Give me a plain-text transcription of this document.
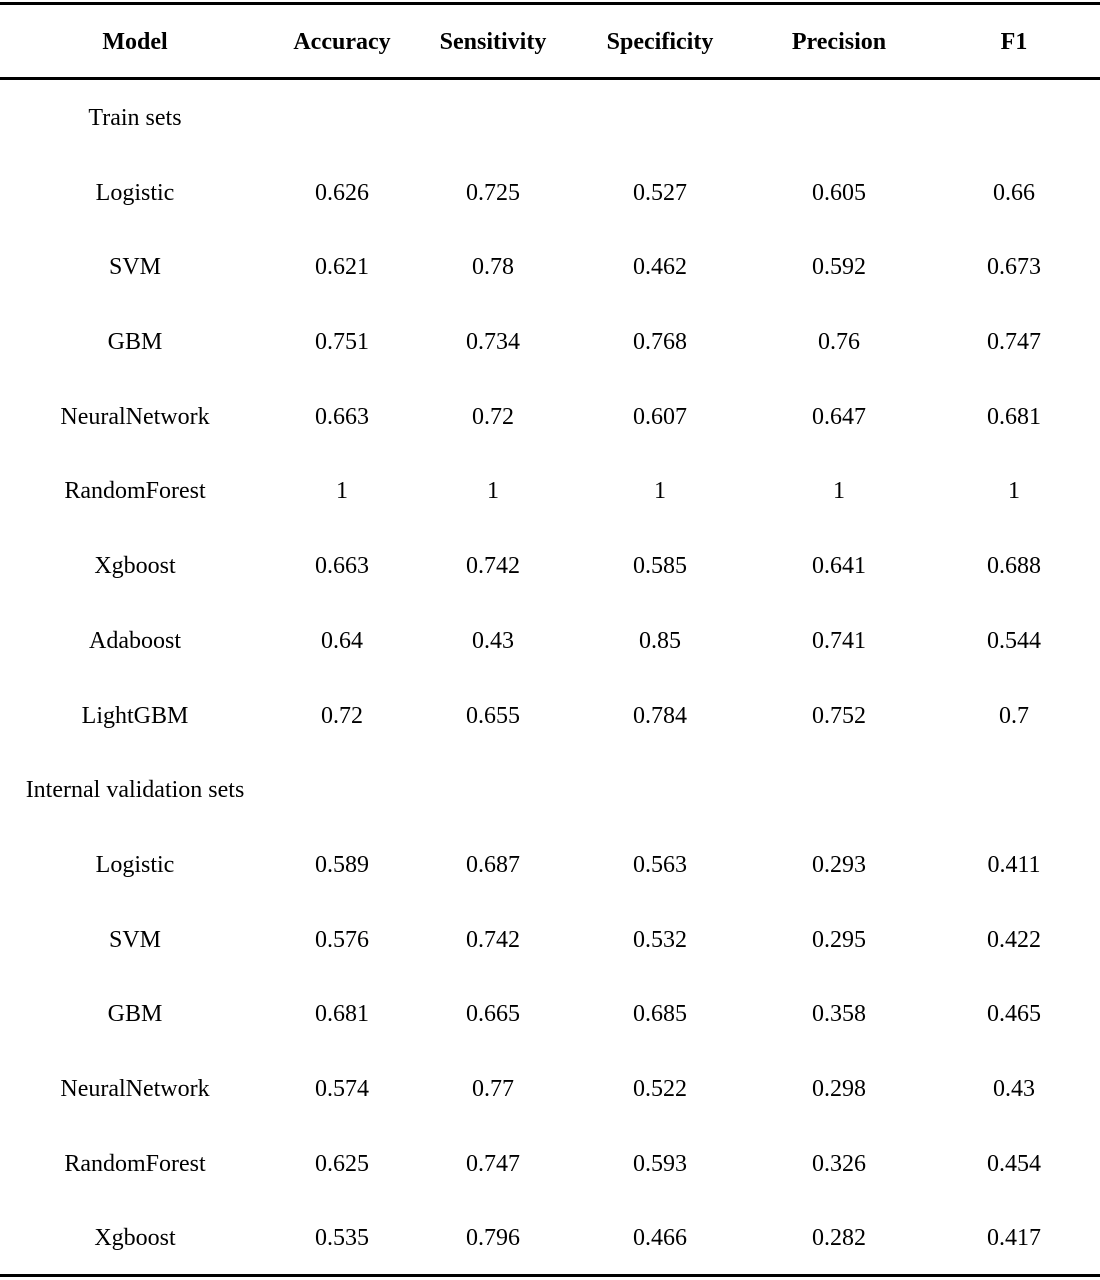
Model	Accuracy	Sensitivity	Specificity	Precision	F1
Train sets
Logistic	0.626	0.725	0.527	0.605	0.66
SVM	0.621	0.78	0.462	0.592	0.673
GBM	0.751	0.734	0.768	0.76	0.747
NeuralNetwork	0.663	0.72	0.607	0.647	0.681
RandomForest	1	1	1	1	1
Xgboost	0.663	0.742	0.585	0.641	0.688
Adaboost	0.64	0.43	0.85	0.741	0.544
LightGBM	0.72	0.655	0.784	0.752	0.7
Internal validation sets
Logistic	0.589	0.687	0.563	0.293	0.411
SVM	0.576	0.742	0.532	0.295	0.422
GBM	0.681	0.665	0.685	0.358	0.465
NeuralNetwork	0.574	0.77	0.522	0.298	0.43
RandomForest	0.625	0.747	0.593	0.326	0.454
Xgboost	0.535	0.796	0.466	0.282	0.417
